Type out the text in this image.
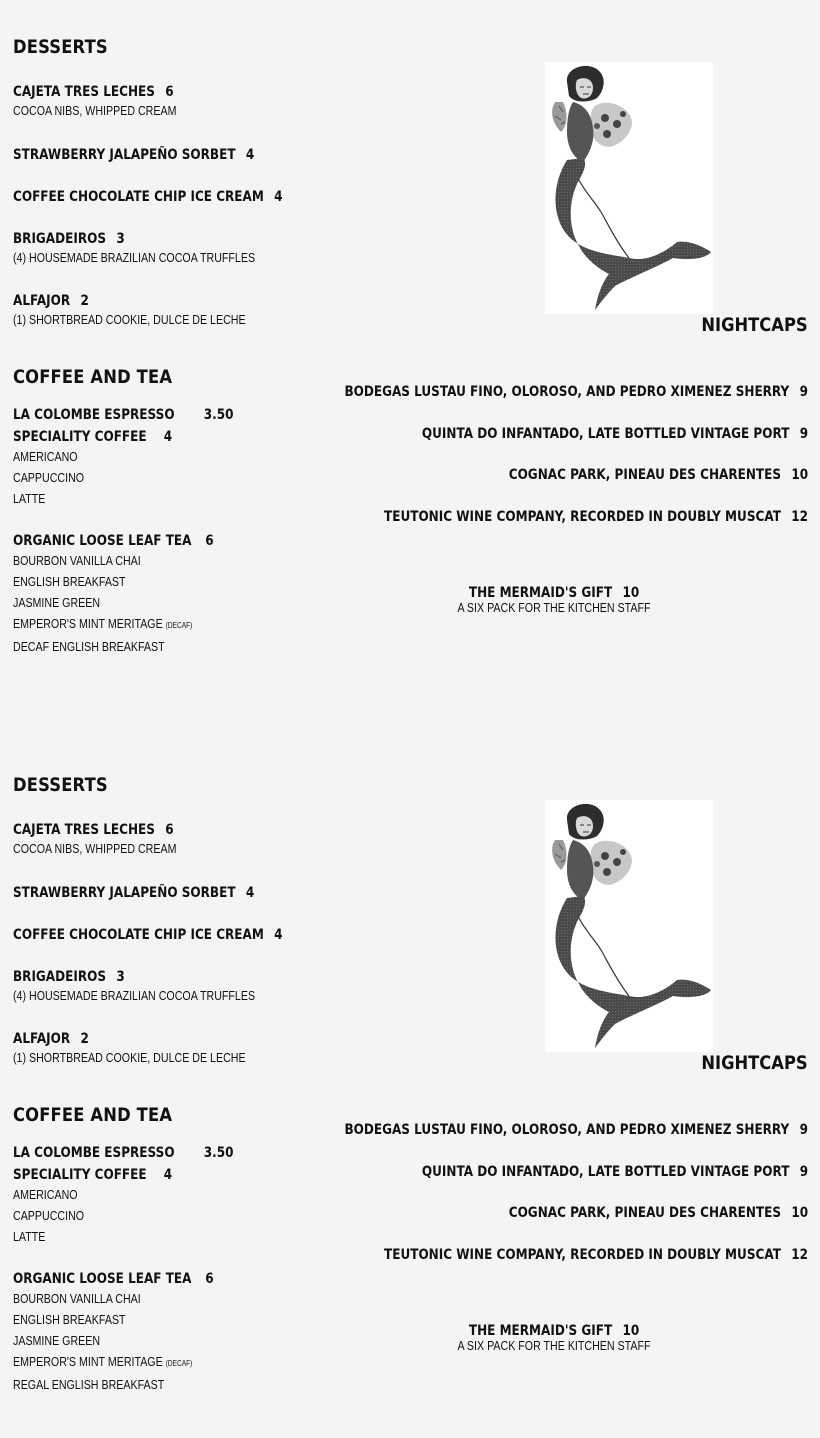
DESSERTS
CAJETA TRES LECHES 6
COCOA NIBS, WHIPPED CREAM
STRAWBERRY JALAPEÑO SORBET 4
COFFEE CHOCOLATE CHIP ICE CREAM 4
BRIGADEIROS 3
(4) HOUSEMADE BRAZILIAN COCOA TRUFFLES
ALFAJOR 2
(1) SHORTBREAD COOKIE, DULCE DE LECHE
COFFEE AND TEA
LA COLOMBE ESPRESSO 3.50
SPECIALITY COFFEE 4
AMERICANO
CAPPUCCINO
LATTE
ORGANIC LOOSE LEAF TEA 6
BOURBON VANILLA CHAI
ENGLISH BREAKFAST
JASMINE GREEN
EMPEROR'S MINT MERITAGE (DECAF)
DECAF ENGLISH BREAKFAST
NIGHTCAPS
BODEGAS LUSTAU FINO, OLOROSO, AND PEDRO XIMENEZ SHERRY 9
QUINTA DO INFANTADO, LATE BOTTLED VINTAGE PORT 9
COGNAC PARK, PINEAU DES CHARENTES 10
TEUTONIC WINE COMPANY, RECORDED IN DOUBLY MUSCAT 12
THE MERMAID'S GIFT 10
A SIX PACK FOR THE KITCHEN STAFF
DESSERTS
CAJETA TRES LECHES 6
COCOA NIBS, WHIPPED CREAM
STRAWBERRY JALAPEÑO SORBET 4
COFFEE CHOCOLATE CHIP ICE CREAM 4
BRIGADEIROS 3
(4) HOUSEMADE BRAZILIAN COCOA TRUFFLES
ALFAJOR 2
(1) SHORTBREAD COOKIE, DULCE DE LECHE
COFFEE AND TEA
LA COLOMBE ESPRESSO 3.50
SPECIALITY COFFEE 4
AMERICANO
CAPPUCCINO
LATTE
ORGANIC LOOSE LEAF TEA 6
BOURBON VANILLA CHAI
ENGLISH BREAKFAST
JASMINE GREEN
EMPEROR'S MINT MERITAGE (DECAF)
REGAL ENGLISH BREAKFAST
NIGHTCAPS
BODEGAS LUSTAU FINO, OLOROSO, AND PEDRO XIMENEZ SHERRY 9
QUINTA DO INFANTADO, LATE BOTTLED VINTAGE PORT 9
COGNAC PARK, PINEAU DES CHARENTES 10
TEUTONIC WINE COMPANY, RECORDED IN DOUBLY MUSCAT 12
THE MERMAID'S GIFT 10
A SIX PACK FOR THE KITCHEN STAFF
